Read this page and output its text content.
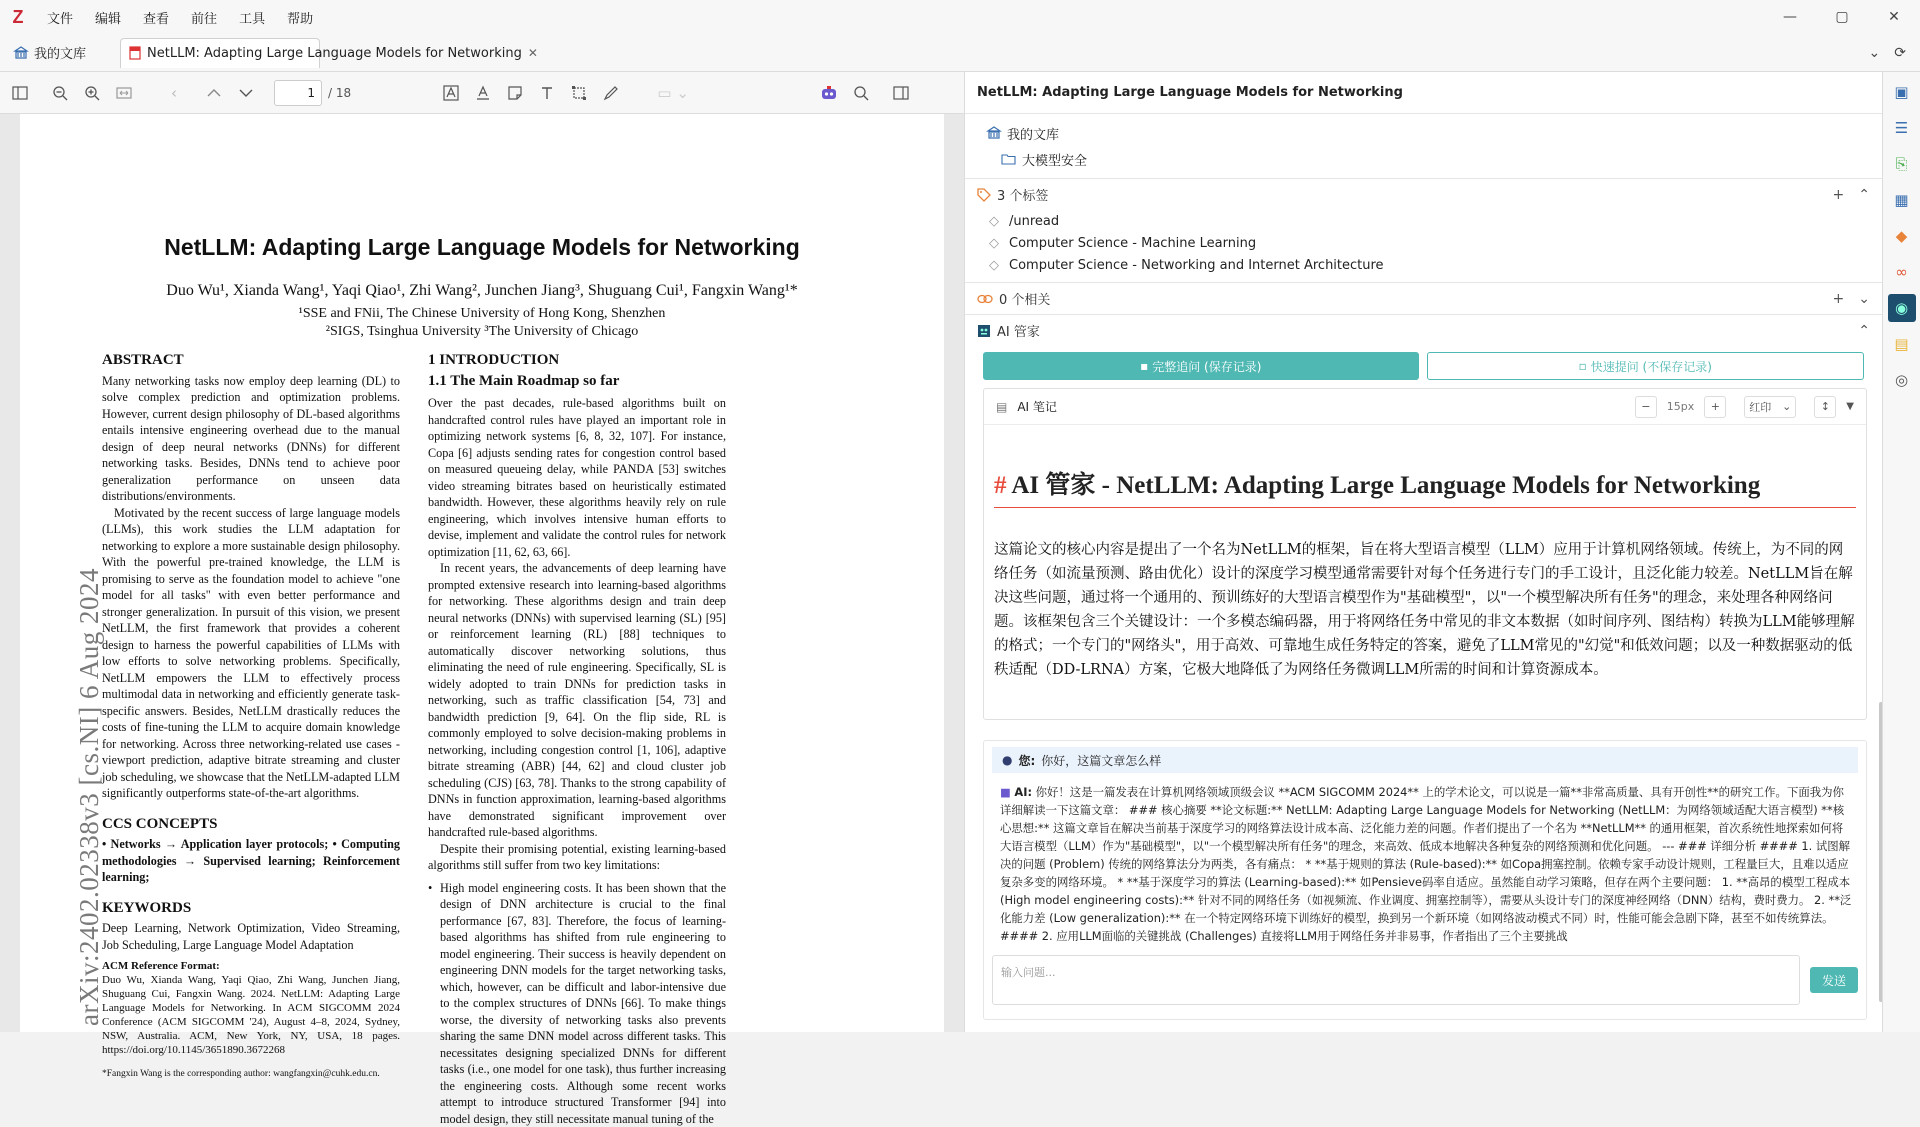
Z	文件	编辑	查看	前往	工具	帮助	—	▢	✕
我的文库	NetLLM: Adapting Large Language Models for Networking ✕	⌄ ⟳
‹	1	/ 18	▭ ⌄
arXiv:2402.02338v3 [cs.NI] 6 Aug 2024
NetLLM: Adapting Large Language Models for Networking
Duo Wu¹, Xianda Wang¹, Yaqi Qiao¹, Zhi Wang², Junchen Jiang³, Shuguang Cui¹, Fangxin Wang¹*
¹SSE and FNii, The Chinese University of Hong Kong, Shenzhen
²SIGS, Tsinghua University ³The University of Chicago
ABSTRACT

Many networking tasks now employ deep learning (DL) to solve complex prediction and optimization problems. However, current design philosophy of DL-based algorithms entails intensive engineering overhead due to the manual design of deep neural networks (DNNs) for different networking tasks. Besides, DNNs tend to achieve poor generalization performance on unseen data distributions/environments.

Motivated by the recent success of large language models (LLMs), this work studies the LLM adaptation for networking to explore a more sustainable design philosophy. With the powerful pre-trained knowledge, the LLM is promising to serve as the foundation model to achieve "one model for all tasks" with even better performance and stronger generalization. In pursuit of this vision, we present NetLLM, the first framework that provides a coherent design to harness the powerful capabilities of LLMs with low efforts to solve networking problems. Specifically, NetLLM empowers the LLM to effectively process multimodal data in networking and efficiently generate task-specific answers. Besides, NetLLM drastically reduces the costs of fine-tuning the LLM to acquire domain knowledge for networking. Across three networking-related use cases - viewport prediction, adaptive bitrate streaming and cluster job scheduling, we showcase that the NetLLM-adapted LLM significantly outperforms state-of-the-art algorithms.

CCS CONCEPTS

• Networks → Application layer protocols; • Computing methodologies → Supervised learning; Reinforcement learning;

KEYWORDS

Deep Learning, Network Optimization, Video Streaming, Job Scheduling, Large Language Model Adaptation

ACM Reference Format:

Duo Wu, Xianda Wang, Yaqi Qiao, Zhi Wang, Junchen Jiang, Shuguang Cui, Fangxin Wang. 2024. NetLLM: Adapting Large Language Models for Networking. In ACM SIGCOMM 2024 Conference (ACM SIGCOMM '24), August 4–8, 2024, Sydney, NSW, Australia. ACM, New York, NY, USA, 18 pages. https://doi.org/10.1145/3651890.3672268

*Fangxin Wang is the corresponding author: wangfangxin@cuhk.edu.cn.

1 INTRODUCTION
1.1 The Main Roadmap so far

Over the past decades, rule-based algorithms built on handcrafted control rules have played an important role in optimizing network systems [6, 8, 32, 107]. For instance, Copa [6] adjusts sending rates for congestion control based on measured queueing delay, while PANDA [53] switches video streaming bitrates based on heuristically estimated bandwidth. However, these algorithms heavily rely on rule engineering, which involves intensive human efforts to devise, implement and validate the control rules for network optimization [11, 62, 63, 66].

In recent years, the advancements of deep learning have prompted extensive research into learning-based algorithms for networking. These algorithms design and train deep neural networks (DNNs) with supervised learning (SL) [95] or reinforcement learning (RL) [88] techniques to automatically discover networking solutions, thus eliminating the need of rule engineering. Specifically, SL is widely adopted to train DNNs for prediction tasks in networking, such as traffic classification [54, 73] and bandwidth prediction [9, 64]. On the flip side, RL is commonly employed to solve decision-making problems in networking, including congestion control [1, 106], adaptive bitrate streaming (ABR) [44, 62] and cloud cluster job scheduling (CJS) [63, 78]. Thanks to the strong capability of DNNs in function approximation, learning-based algorithms have demonstrated significant improvement over handcrafted rule-based algorithms.

Despite their promising potential, existing learning-based algorithms still suffer from two key limitations:

• High model engineering costs. It has been shown that the design of DNN architecture is crucial to the final performance [67, 83]. Therefore, the focus of learning-based algorithms has shifted from rule engineering to model engineering. Their success is heavily dependent on engineering DNN models for the target networking tasks, which, however, can be difficult and labor-intensive due to the complex structures of DNNs [66]. To make things worse, the diversity of networking tasks also prevents sharing the same DNN model across different tasks. This necessitates designing specialized DNNs for different tasks (i.e., one model for one task), thus further increasing the engineering costs. Although some recent works attempt to introduce structured Transformer [94] into model design, they still necessitate manual tuning of the
NetLLM: Adapting Large Language Models for Networking
我的文库
大模型安全
3 个标签	+ ⌃
◇ /unread
◇ Computer Science - Machine Learning
◇ Computer Science - Networking and Internet Architecture
0 个相关	+ ⌄
AI 管家	⌃
▪ 完整追问 (保存记录)	▫ 快速提问 (不保存记录)
▤ AI 笔记	−	15px	+	红印 ⌄	↕	▼
# AI 管家 - NetLLM: Adapting Large Language Models for Networking
这篇论文的核心内容是提出了一个名为NetLLM的框架，旨在将大型语言模型（LLM）应用于计算机网络领域。传统上，为不同的网络任务（如流量预测、路由优化）设计的深度学习模型通常需要针对每个任务进行专门的手工设计，且泛化能力较差。NetLLM旨在解决这些问题，通过将一个通用的、预训练好的大型语言模型作为"基础模型"，以"一个模型解决所有任务"的理念，来处理各种网络问题。该框架包含三个关键设计：一个多模态编码器，用于将网络任务中常见的非文本数据（如时间序列、图结构）转换为LLM能够理解的格式；一个专门的"网络头"，用于高效、可靠地生成任务特定的答案，避免了LLM常见的"幻觉"和低效问题；以及一种数据驱动的低秩适配（DD-LRNA）方案，它极大地降低了为网络任务微调LLM所需的时间和计算资源成本。
● 您: 你好，这篇文章怎么样
■ AI: 你好！这是一篇发表在计算机网络领域顶级会议 **ACM SIGCOMM 2024** 上的学术论文，可以说是一篇**非常高质量、具有开创性**的研究工作。下面我为你详细解读一下这篇文章： ### 核心摘要 **论文标题:** NetLLM: Adapting Large Language Models for Networking (NetLLM：为网络领域适配大语言模型) **核心思想:** 这篇文章旨在解决当前基于深度学习的网络算法设计成本高、泛化能力差的问题。作者们提出了一个名为 **NetLLM** 的通用框架，首次系统性地探索如何将大语言模型（LLM）作为"基础模型"，以"一个模型解决所有任务"的理念，来高效、低成本地解决各种复杂的网络预测和优化问题。 --- ### 详细分析 #### 1. 试图解决的问题 (Problem) 传统的网络算法分为两类，各有痛点： * **基于规则的算法 (Rule-based):** 如Copa拥塞控制。依赖专家手动设计规则，工程量巨大，且难以适应复杂多变的网络环境。 * **基于深度学习的算法 (Learning-based):** 如Pensieve码率自适应。虽然能自动学习策略，但存在两个主要问题： 1. **高昂的模型工程成本 (High model engineering costs):** 针对不同的网络任务（如视频流、作业调度、拥塞控制等），需要从头设计专门的深度神经网络（DNN）结构，费时费力。 2. **泛化能力差 (Low generalization):** 在一个特定网络环境下训练好的模型，换到另一个新环境（如网络波动模式不同）时，性能可能会急剧下降，甚至不如传统算法。 #### 2. 应用LLM面临的关键挑战 (Challenges) 直接将LLM用于网络任务并非易事，作者指出了三个主要挑战
输入问题...
发送
▣
☰
⎘
▦
◆
∞
◉
▤
◎
